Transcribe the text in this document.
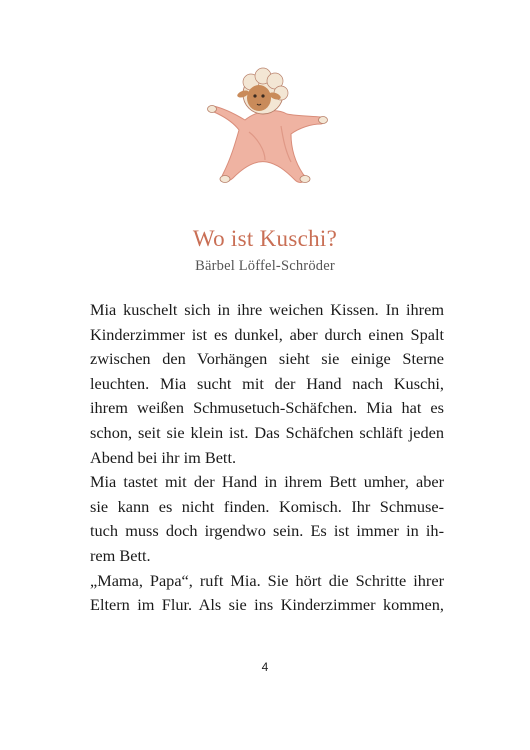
Wo ist Kuschi?
Bärbel Löffel-Schröder
Mia kuschelt sich in ihre weichen Kissen. In ihrem
Kinderzimmer ist es dunkel, aber durch einen Spalt
zwischen den Vorhängen sieht sie einige Sterne
leuchten. Mia sucht mit der Hand nach Kuschi,
ihrem weißen Schmusetuch-Schäfchen. Mia hat es
schon, seit sie klein ist. Das Schäfchen schläft jeden
Abend bei ihr im Bett.
Mia tastet mit der Hand in ihrem Bett umher, aber
sie kann es nicht finden. Komisch. Ihr Schmuse-
tuch muss doch irgendwo sein. Es ist immer in ih-
rem Bett.
„Mama, Papa“, ruft Mia. Sie hört die Schritte ihrer
Eltern im Flur. Als sie ins Kinderzimmer kommen,
4
